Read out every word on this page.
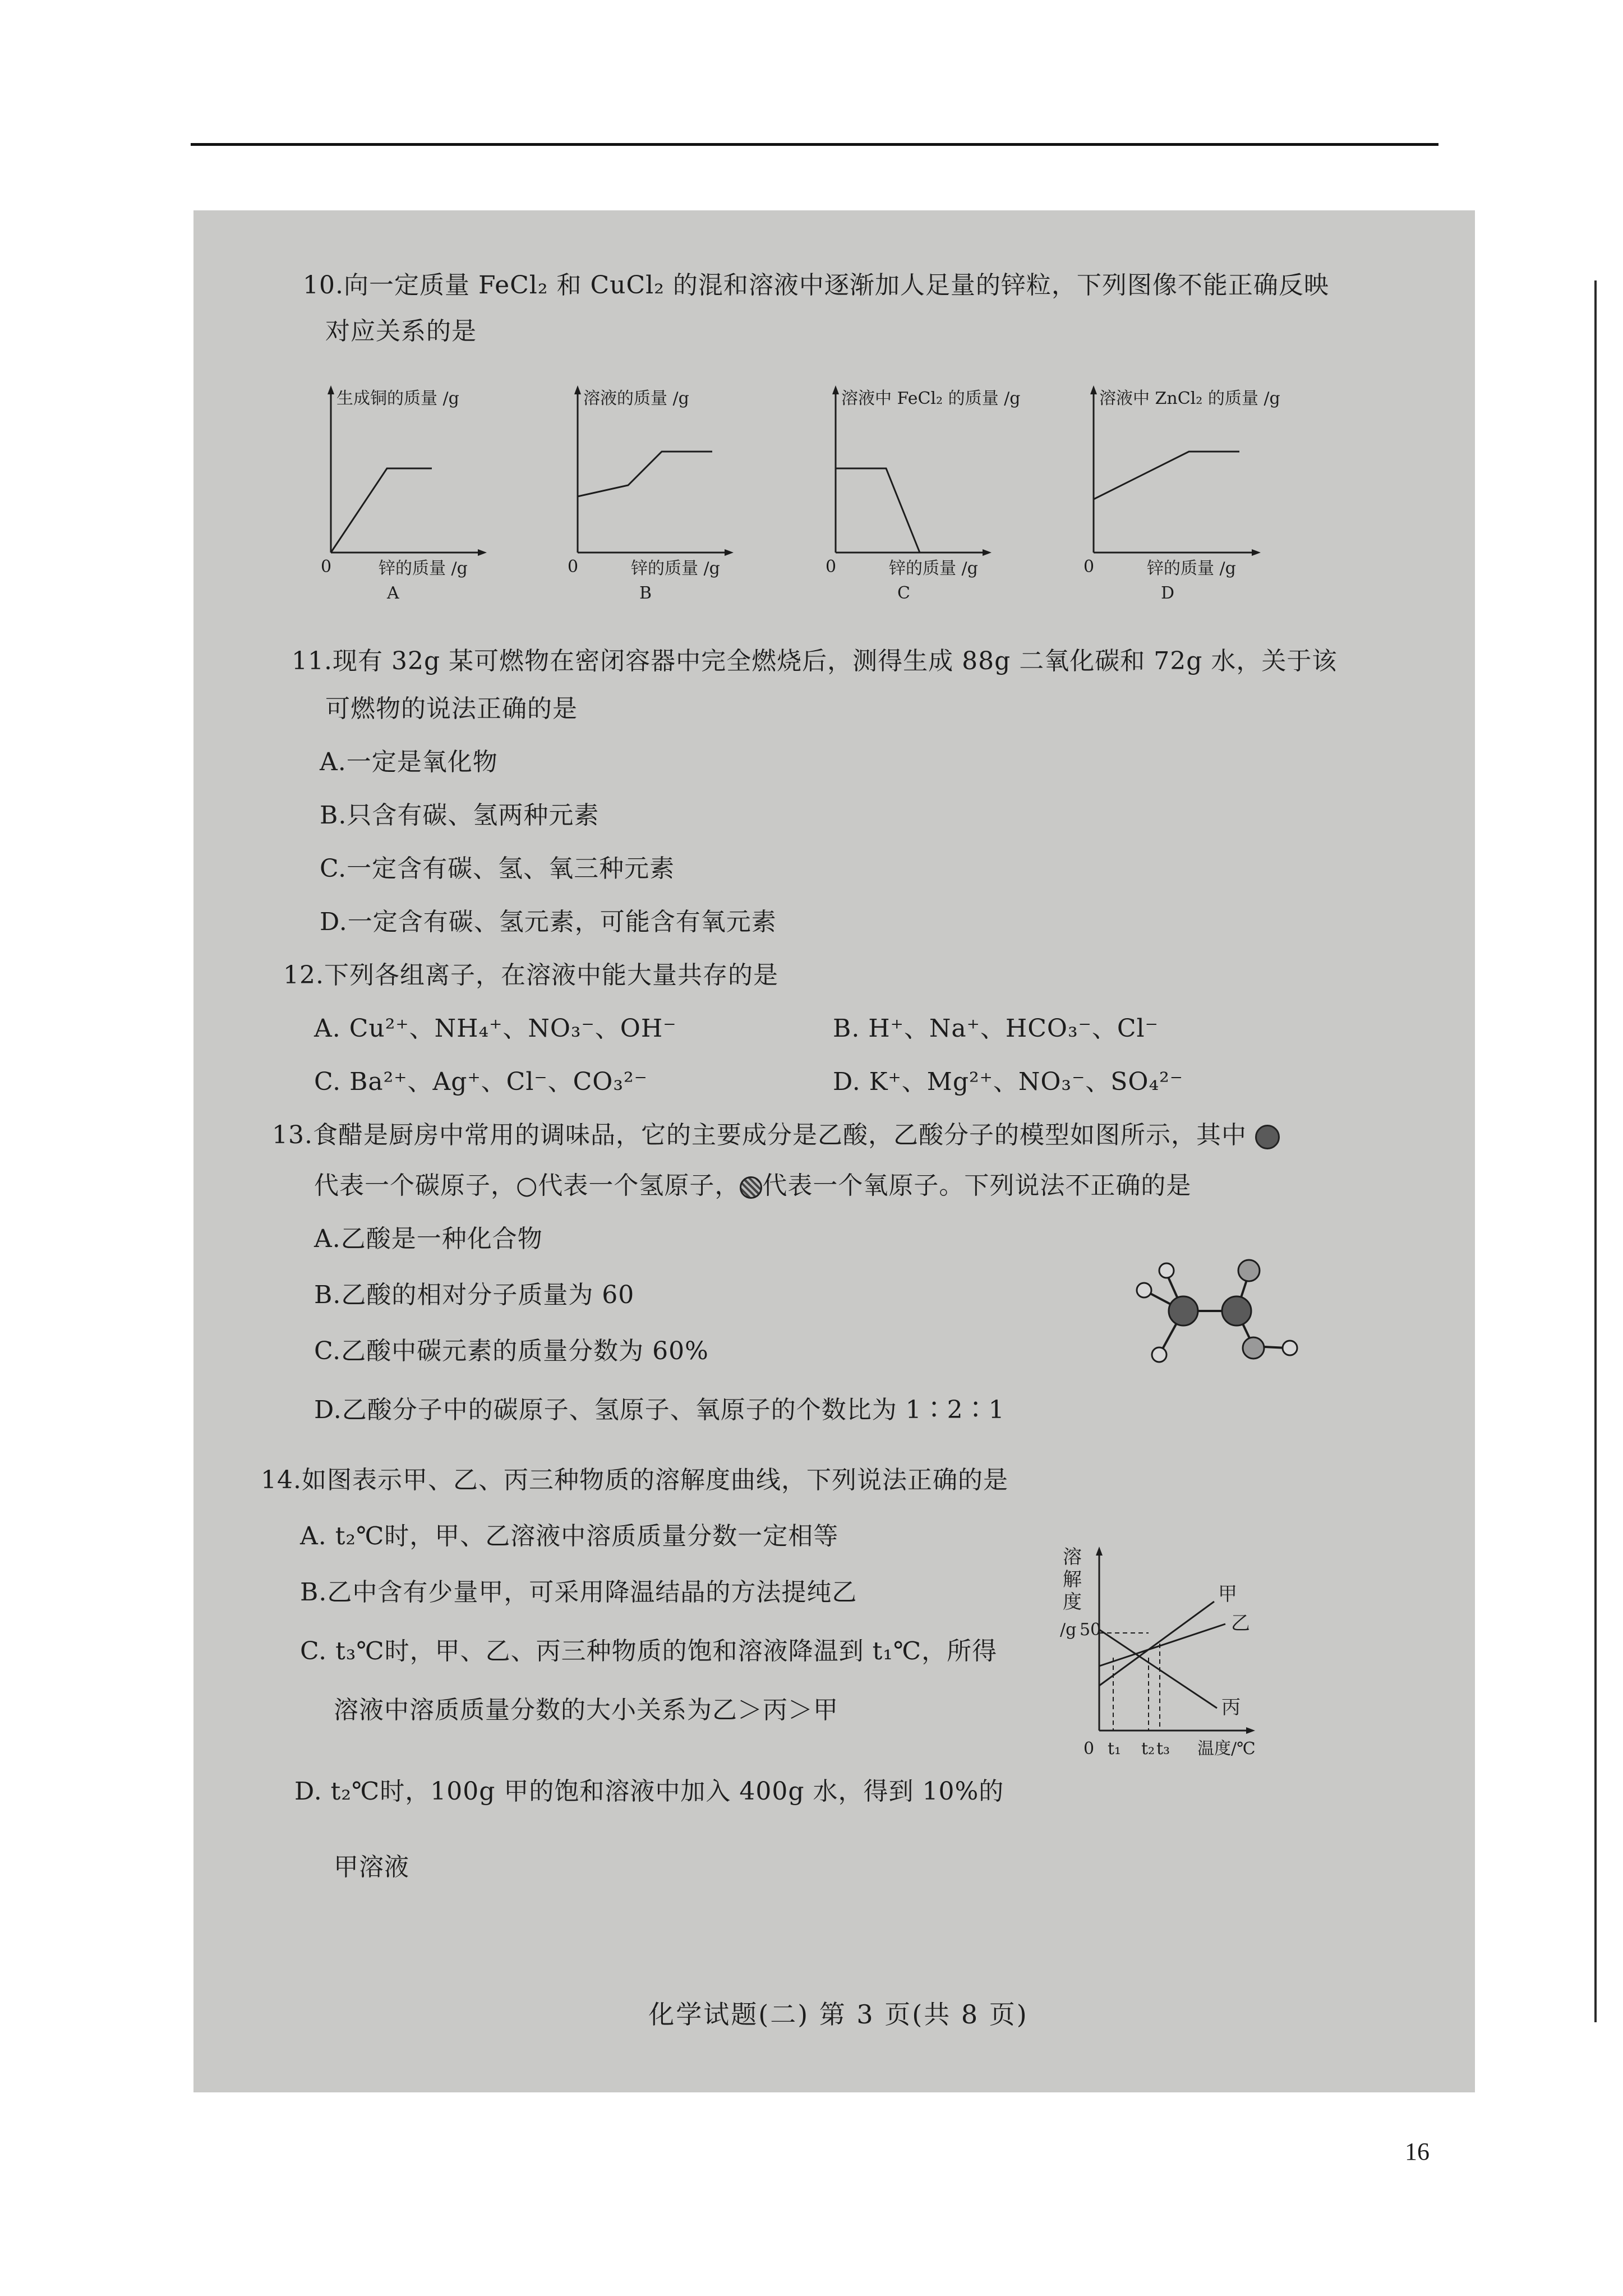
10.向一定质量 FeCl₂ 和 CuCl₂ 的混和溶液中逐渐加人足量的锌粒，下列图像不能正确反映
对应关系的是
生成铜的质量 /g
0	锌的质量 /g
A
溶液的质量 /g
0	锌的质量 /g
B
溶液中 FeCl₂ 的质量 /g
0	锌的质量 /g
C
溶液中 ZnCl₂ 的质量 /g
0	锌的质量 /g
D
11.现有 32g 某可燃物在密闭容器中完全燃烧后，测得生成 88g 二氧化碳和 72g 水，关于该
可燃物的说法正确的是
A.一定是氧化物
B.只含有碳、氢两种元素
C.一定含有碳、氢、氧三种元素
D.一定含有碳、氢元素，可能含有氧元素
12.下列各组离子，在溶液中能大量共存的是
A. Cu²⁺、NH₄⁺、NO₃⁻、OH⁻	B. H⁺、Na⁺、HCO₃⁻、Cl⁻
C. Ba²⁺、Ag⁺、Cl⁻、CO₃²⁻	D. K⁺、Mg²⁺、NO₃⁻、SO₄²⁻
13.食醋是厨房中常用的调味品，它的主要成分是乙酸，乙酸分子的模型如图所示，其中
代表一个碳原子，○代表一个氢原子， 代表一个氧原子。下列说法不正确的是
A.乙酸是一种化合物
B.乙酸的相对分子质量为 60
C.乙酸中碳元素的质量分数为 60%
D.乙酸分子中的碳原子、氢原子、氧原子的个数比为 1∶2∶1
14.如图表示甲、乙、丙三种物质的溶解度曲线，下列说法正确的是
A. t₂℃时，甲、乙溶液中溶质质量分数一定相等
B.乙中含有少量甲，可采用降温结晶的方法提纯乙
C. t₃℃时，甲、乙、丙三种物质的饱和溶液降温到 t₁℃，所得
溶液中溶质质量分数的大小关系为乙＞丙＞甲
D. t₂℃时，100g 甲的饱和溶液中加入 400g 水，得到 10%的
甲溶液
溶
解
度
/g 50
0 t₁ t₂ t₃ 温度/℃
甲
乙
丙
化学试题(二) 第 3 页(共 8 页)
16
